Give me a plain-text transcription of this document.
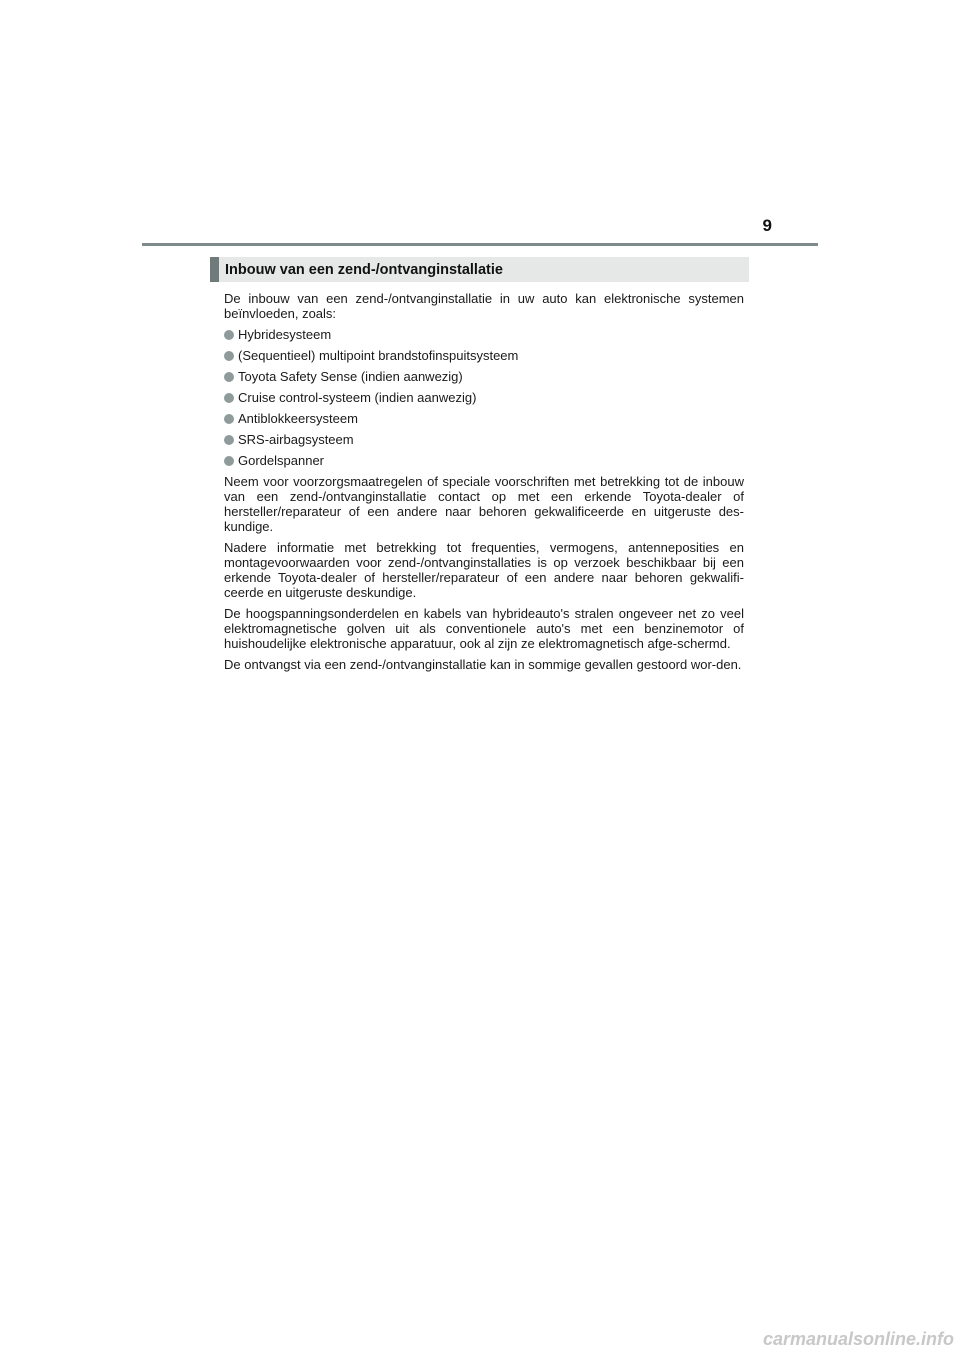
9
Inbouw van een zend-/ontvanginstallatie

De inbouw van een zend-/ontvanginstallatie in uw auto kan elektronische systemen beïnvloeden, zoals:

Hybridesysteem
(Sequentieel) multipoint brandstofinspuitsysteem
Toyota Safety Sense (indien aanwezig)
Cruise control-systeem (indien aanwezig)
Antiblokkeersysteem
SRS-airbagsysteem
Gordelspanner

Neem voor voorzorgsmaatregelen of speciale voorschriften met betrekking tot de inbouw van een zend-/ontvanginstallatie contact op met een erkende Toyota-dealer of hersteller/reparateur of een andere naar behoren gekwalificeerde en uitgeruste des-kundige.

Nadere informatie met betrekking tot frequenties, vermogens, antenneposities en montagevoorwaarden voor zend-/ontvanginstallaties is op verzoek beschikbaar bij een erkende Toyota-dealer of hersteller/reparateur of een andere naar behoren gekwalifi-ceerde en uitgeruste deskundige.

De hoogspanningsonderdelen en kabels van hybrideauto's stralen ongeveer net zo veel elektromagnetische golven uit als conventionele auto's met een benzinemotor of huishoudelijke elektronische apparatuur, ook al zijn ze elektromagnetisch afge-schermd.

De ontvangst via een zend-/ontvanginstallatie kan in sommige gevallen gestoord wor-den.

carmanualsonline.info
